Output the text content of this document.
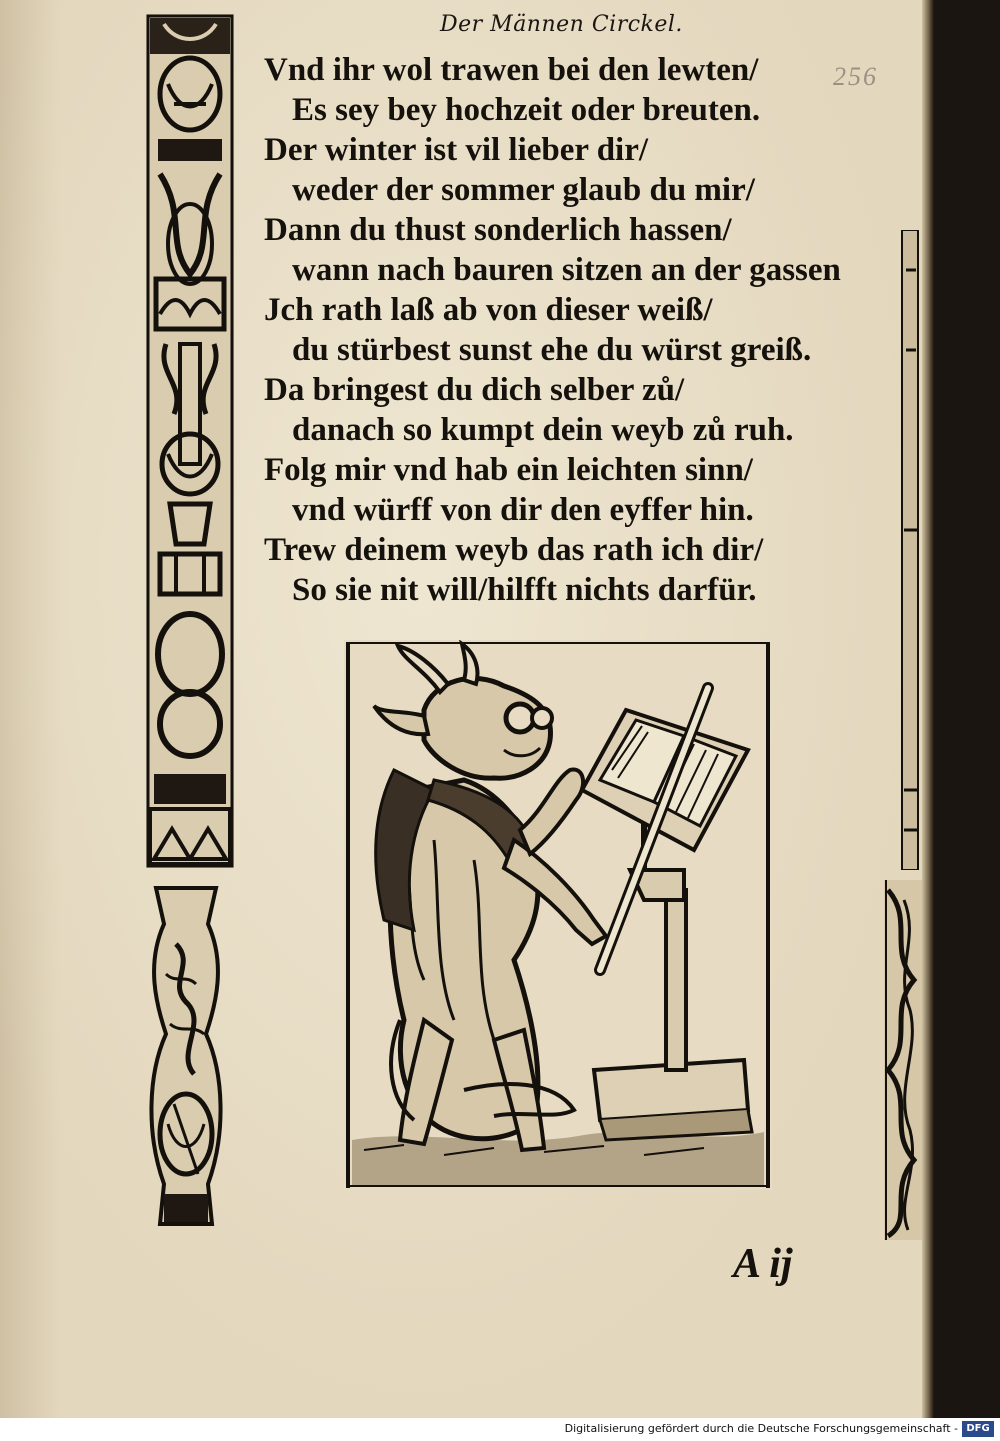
Der Männen Circkel.
256

Vnd ihr wol trawen bei den lewten/

Es sey bey hochzeit oder breuten.

Der winter ist vil lieber dir/

weder der sommer glaub du mir/

Dann du thust sonderlich hassen/

wann nach bauren sitzen an der gassen

Jch rath laß ab von dieser weiß/

du stürbest sunst ehe du würst greiß.

Da bringest du dich selber zů/

danach so kumpt dein weyb zů ruh.

Folg mir vnd hab ein leichten sinn/

vnd würff von dir den eyffer hin.

Trew deinem weyb das rath ich dir/

So sie nit will/hilfft nichts darfür.

A ij
Digitalisierung gefördert durch die Deutsche Forschungsgemeinschaft - DFG
